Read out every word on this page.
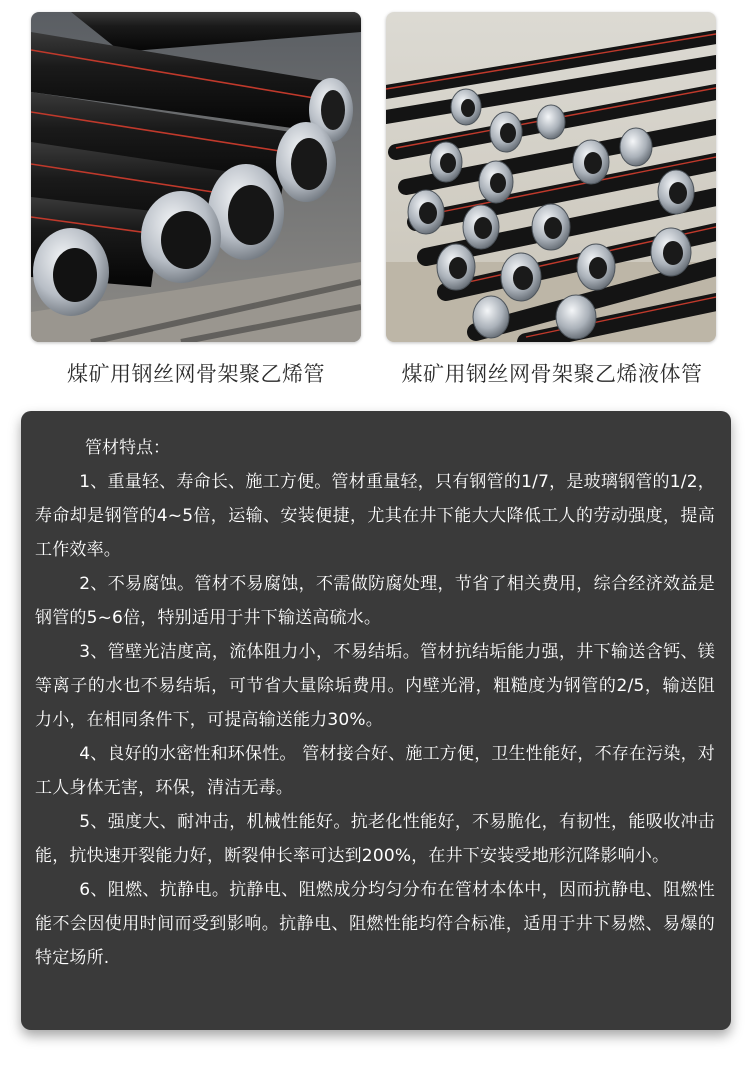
煤矿用钢丝网骨架聚乙烯管	煤矿用钢丝网骨架聚乙烯液体管
管材特点：

1、重量轻、寿命长、施工方便。管材重量轻，只有钢管的1/7，是玻璃钢管的1/2，寿命却是钢管的4~5倍，运输、安装便捷，尤其在井下能大大降低工人的劳动强度，提高工作效率。

2、不易腐蚀。管材不易腐蚀，不需做防腐处理，节省了相关费用，综合经济效益是钢管的5~6倍，特别适用于井下输送高硫水。

3、管壁光洁度高，流体阻力小，不易结垢。管材抗结垢能力强，井下输送含钙、镁等离子的水也不易结垢，可节省大量除垢费用。内壁光滑，粗糙度为钢管的2/5，输送阻力小，在相同条件下，可提高输送能力30%。

4、良好的水密性和环保性。 管材接合好、施工方便，卫生性能好，不存在污染，对工人身体无害，环保，清洁无毒。

5、强度大、耐冲击，机械性能好。抗老化性能好，不易脆化，有韧性，能吸收冲击能，抗快速开裂能力好，断裂伸长率可达到200%，在井下安装受地形沉降影响小。

6、阻燃、抗静电。抗静电、阻燃成分均匀分布在管材本体中，因而抗静电、阻燃性能不会因使用时间而受到影响。抗静电、阻燃性能均符合标准，适用于井下易燃、易爆的特定场所.
